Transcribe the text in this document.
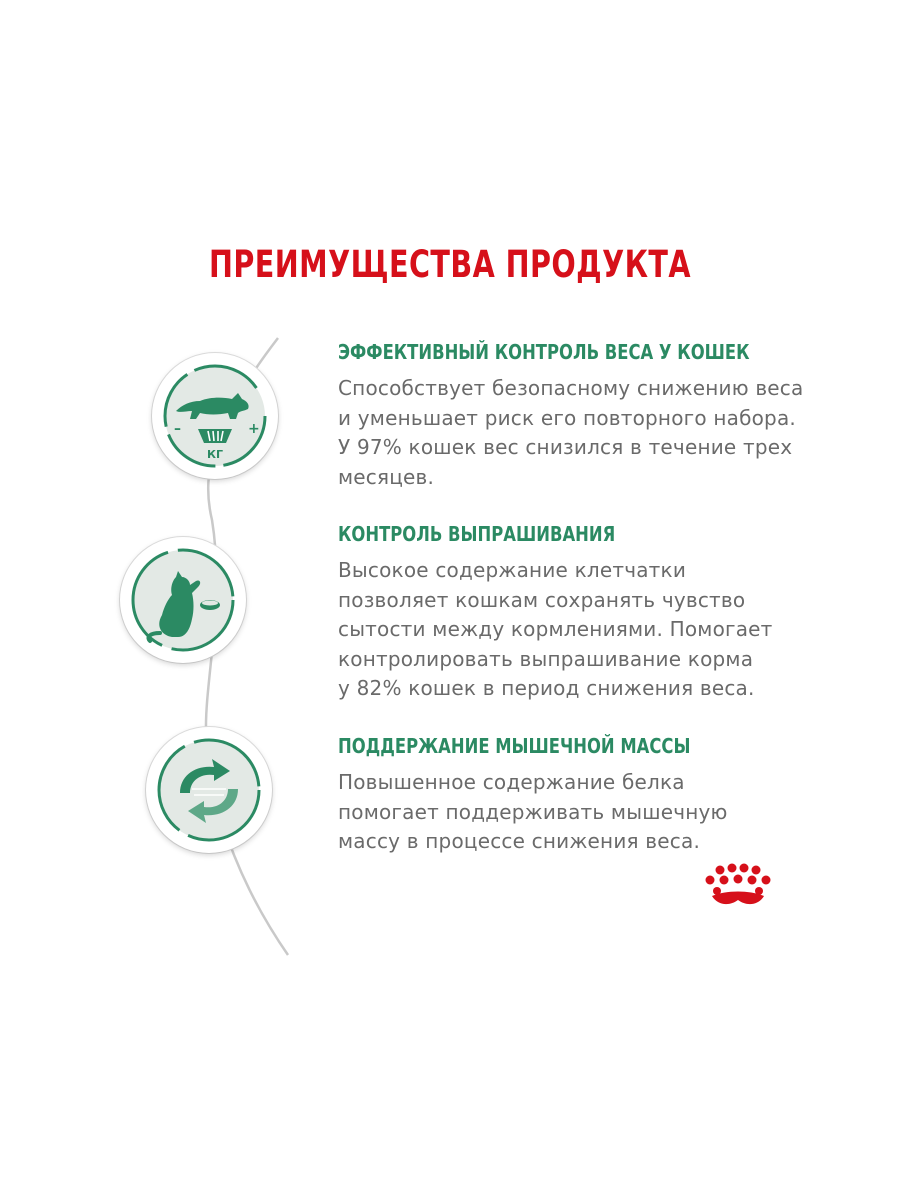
ПРЕИМУЩЕСТВА ПРОДУКТА
–	+
КГ
ЭФФЕКТИВНЫЙ КОНТРОЛЬ ВЕСА У КОШЕК

Способствует безопасному снижению веса
и уменьшает риск его повторного набора.
У 97% кошек вес снизился в течение трех
месяцев.

КОНТРОЛЬ ВЫПРАШИВАНИЯ

Высокое содержание клетчатки
позволяет кошкам сохранять чувство
сытости между кормлениями. Помогает
контролировать выпрашивание корма
у 82% кошек в период снижения веса.

ПОДДЕРЖАНИЕ МЫШЕЧНОЙ МАССЫ

Повышенное содержание белка
помогает поддерживать мышечную
массу в процессе снижения веса.
